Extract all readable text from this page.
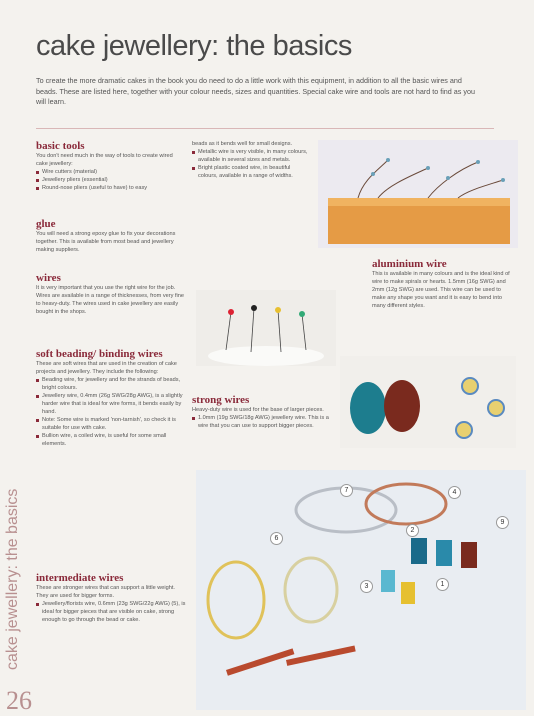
cake jewellery: the basics
To create the more dramatic cakes in the book you do need to do a little work with this equipment, in addition to all the basic wires and beads. These are listed here, together with your colour needs, sizes and quantities. Special cake wire and tools are not hard to find as you will learn.

basic tools

You don't need much in the way of tools to create wired cake jewellery:

Wire cutters (material)
Jewellery pliers (essential)
Round-nose pliers (useful to have) to easy

glue

You will need a strong epoxy glue to fix your decorations together. This is available from most bead and jewellery making suppliers.

wires

It is very important that you use the right wire for the job. Wires are available in a range of thicknesses, from very fine to heavy-duty. The wires used in cake jewellery are easily bought in the shops.

soft beading/ binding wires

These are soft wires that are used in the creation of cake projects and jewellery. They include the following:

Beading wire, for jewellery and for the strands of beads, bright colours.
Jewellery wire, 0.4mm (26g SWG/28g AWG), is a slightly harder wire that is ideal for wire forms, it bends easily by hand.
Note: Some wire is marked 'non-tarnish', so check it is suitable for use with cake.
Bullion wire, a coiled wire, is useful for some small elements.

intermediate wires

These are stronger wires that can support a little weight. They are used for bigger forms.

Jewellery/florists wire, 0.6mm (23g SWG/22g AWG) (5), is ideal for bigger pieces that are visible on cake, strong enough to go through the bead or cake.

beads as it bends well for small designs.

Metallic wire is very visible, in many colours, available in several sizes and metals.
Bright plastic coated wire, in beautiful colours, available in a range of widths.

strong wires

Heavy-duty wire is used for the base of larger pieces.

1.0mm (19g SWG/18g AWG) jewellery wire. This is a wire that you can use to support bigger pieces.

aluminium wire

This is available in many colours and is the ideal kind of wire to make spirals or hearts. 1.5mm (16g SWG) and 2mm (12g SWG) are used. This wire can be used to make any shape you want and it is easy to bend into many different styles.

7	4
9
6
2
1
3
cake jewellery: the basics
26
